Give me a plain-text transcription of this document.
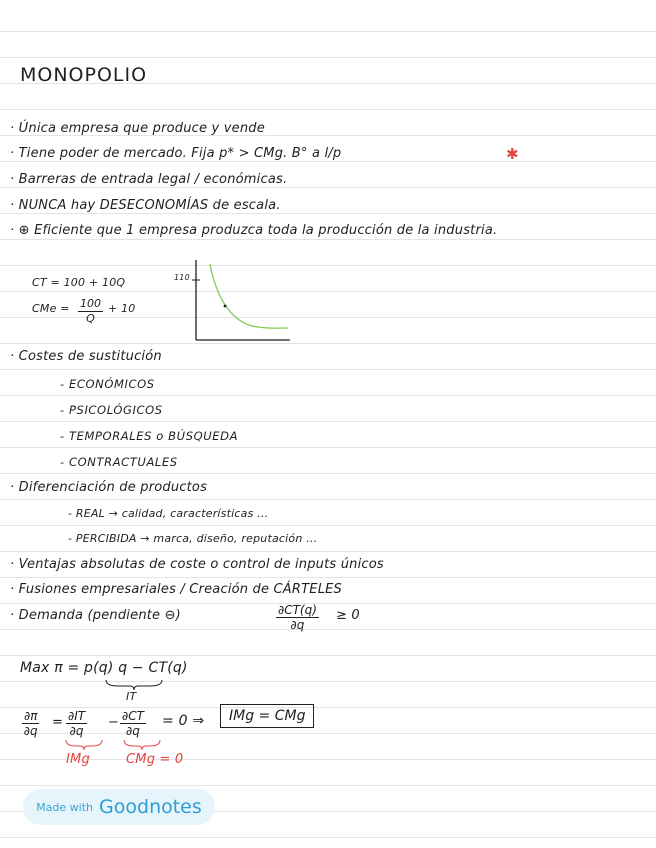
MONOPOLIO
· Única empresa que produce y vende
· Tiene poder de mercado. Fija p* > CMg. B° a l/p	✱
· Barreras de entrada legal / económicas.
· NUNCA hay DESECONOMÍAS de escala.
· ⊕ Eficiente que 1 empresa produzca toda la producción de la industria.
CT = 100 + 10Q
CMe = $\frac{100}{Q} + 10$
110
· Costes de sustitución
- ECONÓMICOS
- PSICOLÓGICOS
- TEMPORALES o BÚSQUEDA
- CONTRACTUALES
· Diferenciación de productos
- REAL → calidad, características ...
- PERCIBIDA → marca, diseño, reputación ...
· Ventajas absolutas de coste o control de inputs únicos
· Fusiones empresariales / Creación de CÁRTELES
· Demanda (pendiente ⊖)	$\frac{\partial CT(q)}{\partial q} \ge 0$
Max π = p(q) q − CT(q)
IT
$\frac{\partial\pi}{\partial q} = \frac{\partial IT}{\partial q} - \frac{\partial CT}{\partial q} = 0$ ⇒	IMg = CMg
IMg	CMg = 0
Made with Goodnotes
